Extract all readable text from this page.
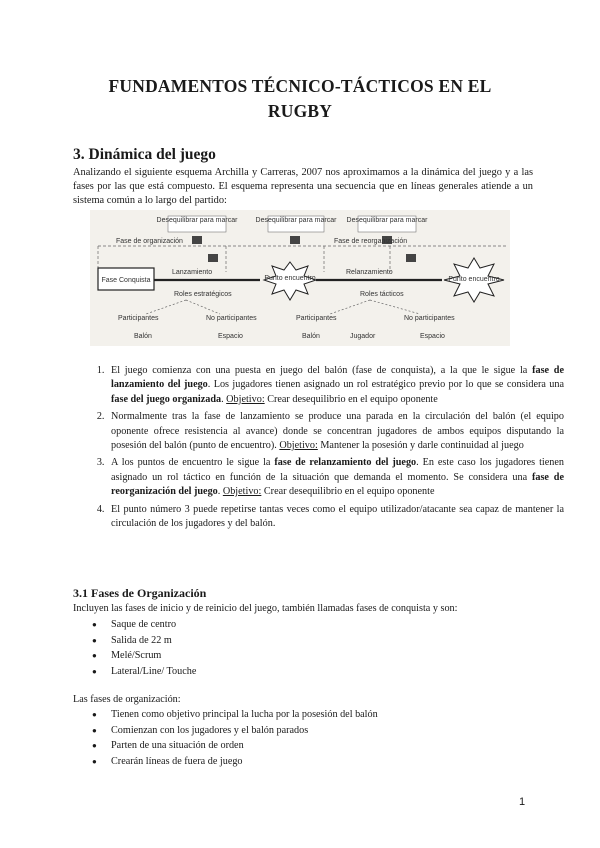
FUNDAMENTOS TÉCNICO-TÁCTICOS EN EL
RUGBY
3. Dinámica del juego
Analizando el siguiente esquema Archilla y Carreras, 2007 nos aproximamos a la dinámica del juego y a las fases por las que está compuesto. El esquema representa una secuencia que en líneas generales atiende a un sistema común a lo largo del partido:
Desequilibrar para marcar	Desequilibrar para marcar Desequilibrar para marcar
Fase de organización	Fase de reorganización
Fase Conquista
Lanzamiento
Punto encuentro
Relanzamiento
Punto encuentro
Roles estratégicos	Roles tácticos
Participantes	No participantes	Participantes	No participantes
Balón	Espacio	Balón	Jugador	Espacio
1. El juego comienza con una puesta en juego del balón (fase de conquista), a la que le sigue la fase de lanzamiento del juego. Los jugadores tienen asignado un rol estratégico previo por lo que se considera una fase del juego organizada. Objetivo: Crear desequilibrio en el equipo oponente
2. Normalmente tras la fase de lanzamiento se produce una parada en la circulación del balón (el equipo oponente ofrece resistencia al avance) donde se concentran jugadores de ambos equipos disputando la posesión del balón (punto de encuentro). Objetivo: Mantener la posesión y darle continuidad al juego
3. A los puntos de encuentro le sigue la fase de relanzamiento del juego. En este caso los jugadores tienen asignado un rol táctico en función de la situación que demanda el momento. Se considera una fase de reorganización del juego. Objetivo: Crear desequilibrio en el equipo oponente
4. El punto número 3 puede repetirse tantas veces como el equipo utilizador/atacante sea capaz de mantener la circulación de los jugadores y del balón.
3.1 Fases de Organización
Incluyen las fases de inicio y de reinicio del juego, también llamadas fases de conquista y son:
● Saque de centro
● Salida de 22 m
● Melé/Scrum
● Lateral/Line/ Touche
Las fases de organización:
● Tienen como objetivo principal la lucha por la posesión del balón
● Comienzan con los jugadores y el balón parados
● Parten de una situación de orden
● Crearán líneas de fuera de juego
1
